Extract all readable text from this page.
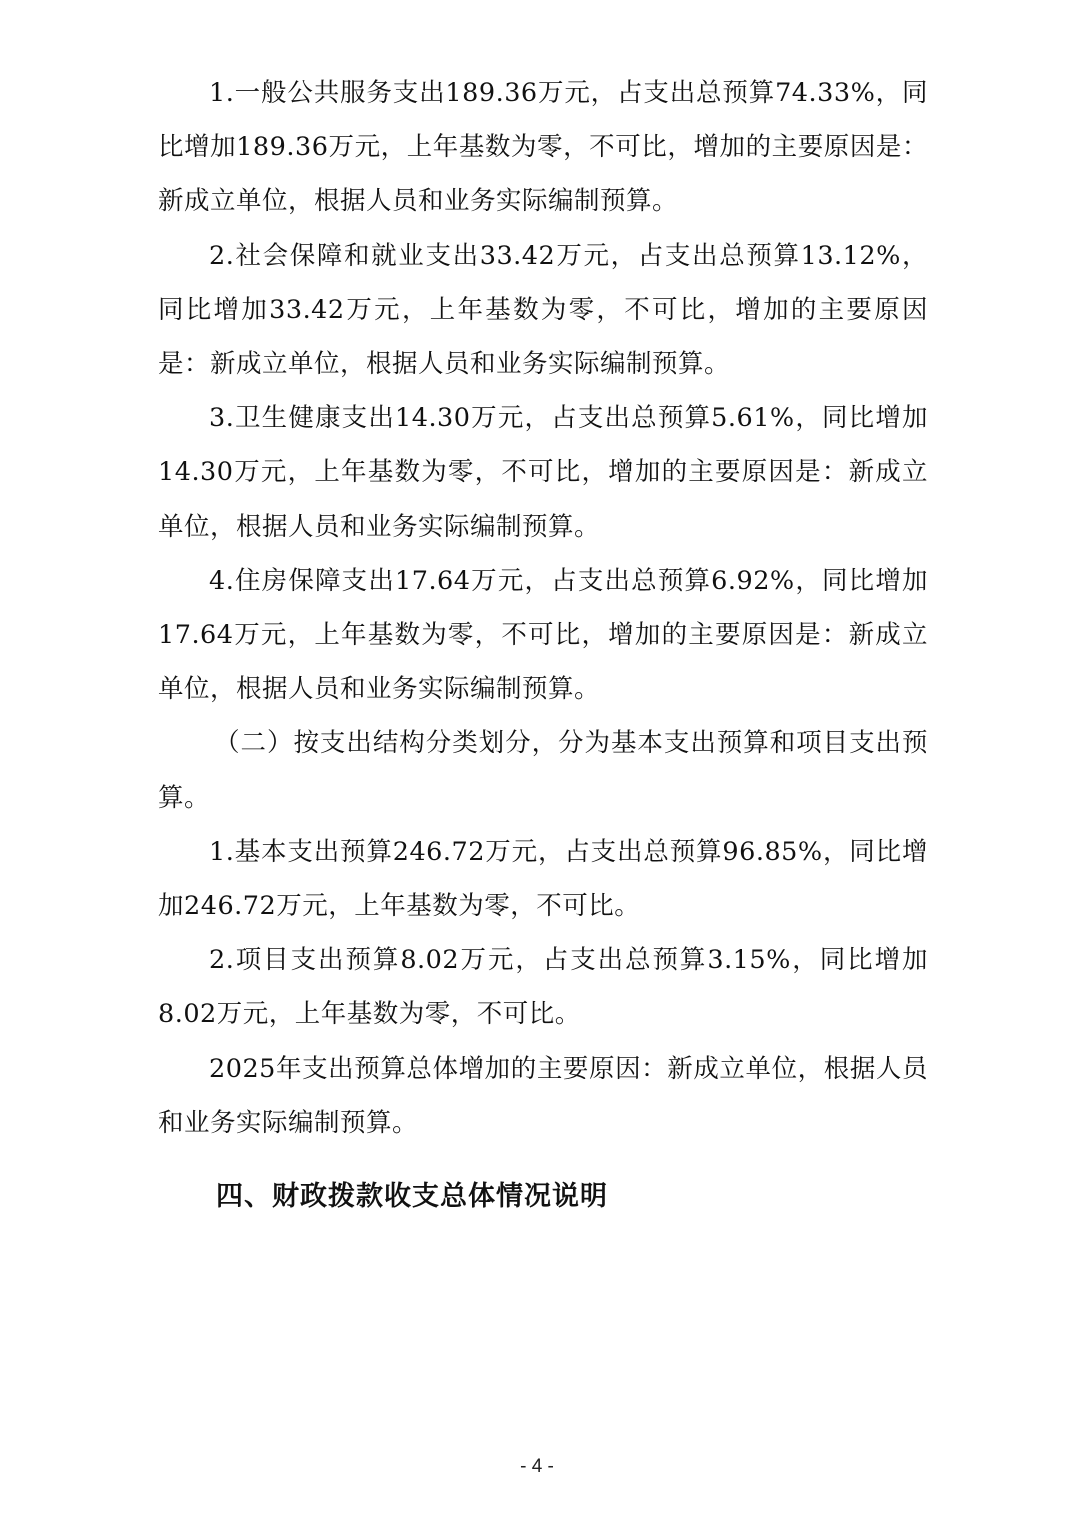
1.一般公共服务支出189.36万元，占支出总预算74.33%，同比增加189.36万元，上年基数为零，不可比，增加的主要原因是：新成立单位，根据人员和业务实际编制预算。

2.社会保障和就业支出33.42万元，占支出总预算13.12%，同比增加33.42万元，上年基数为零，不可比，增加的主要原因是：新成立单位，根据人员和业务实际编制预算。

3.卫生健康支出14.30万元，占支出总预算5.61%，同比增加14.30万元，上年基数为零，不可比，增加的主要原因是：新成立单位，根据人员和业务实际编制预算。

4.住房保障支出17.64万元，占支出总预算6.92%，同比增加17.64万元，上年基数为零，不可比，增加的主要原因是：新成立单位，根据人员和业务实际编制预算。

（二）按支出结构分类划分，分为基本支出预算和项目支出预算。

1.基本支出预算246.72万元，占支出总预算96.85%，同比增加246.72万元，上年基数为零，不可比。

2.项目支出预算8.02万元，占支出总预算3.15%，同比增加8.02万元，上年基数为零，不可比。

2025年支出预算总体增加的主要原因：新成立单位，根据人员和业务实际编制预算。

四、财政拨款收支总体情况说明
- 4 -
